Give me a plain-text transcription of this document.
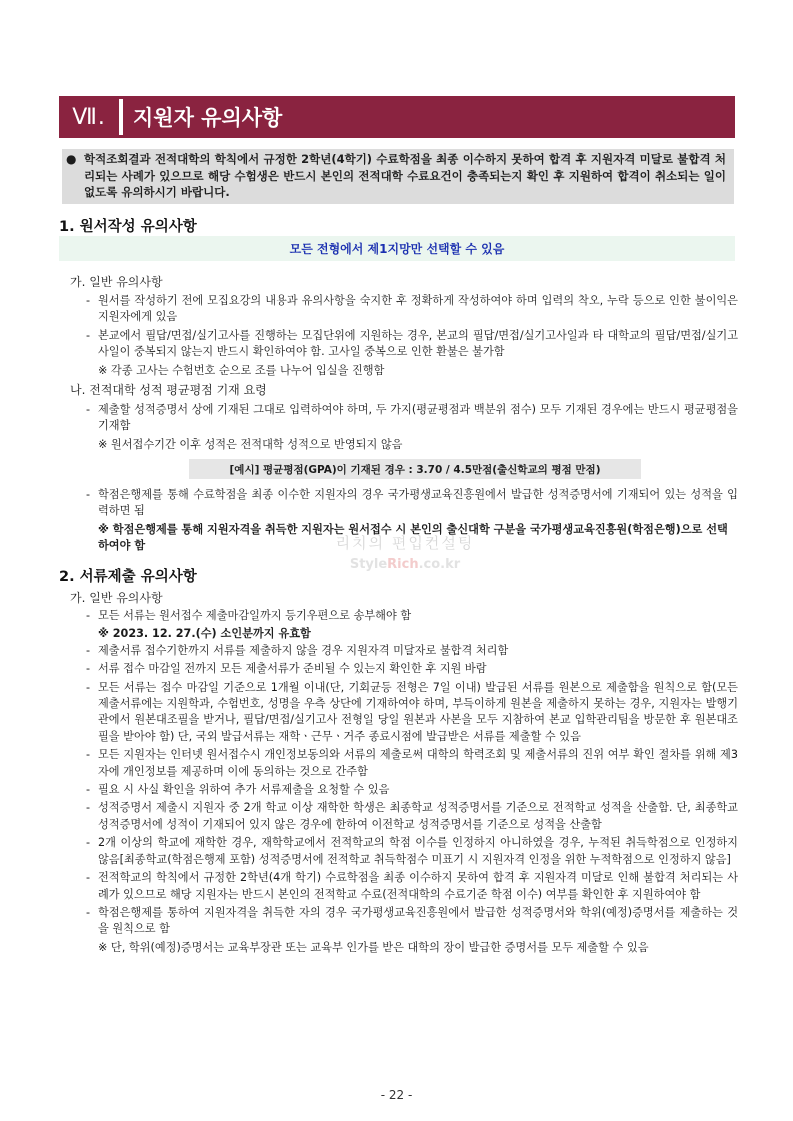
Ⅶ.	지원자 유의사항
● 학적조회결과 전적대학의 학칙에서 규정한 2학년(4학기) 수료학점을 최종 이수하지 못하여 합격 후 지원자격 미달로 불합격 처리되는 사례가 있으므로 해당 수험생은 반드시 본인의 전적대학 수료요건이 충족되는지 확인 후 지원하여 합격이 취소되는 일이 없도록 유의하시기 바랍니다.
1. 원서작성 유의사항
모든 전형에서 제1지망만 선택할 수 있음
가. 일반 유의사항
- 원서를 작성하기 전에 모집요강의 내용과 유의사항을 숙지한 후 정확하게 작성하여야 하며 입력의 착오, 누락 등으로 인한 불이익은 지원자에게 있음
- 본교에서 필답/면접/실기고사를 진행하는 모집단위에 지원하는 경우, 본교의 필답/면접/실기고사일과 타 대학교의 필답/면접/실기고사일이 중복되지 않는지 반드시 확인하여야 함. 고사일 중복으로 인한 환불은 불가함
※ 각종 고사는 수험번호 순으로 조를 나누어 입실을 진행함
나. 전적대학 성적 평균평점 기재 요령
- 제출할 성적증명서 상에 기재된 그대로 입력하여야 하며, 두 가지(평균평점과 백분위 점수) 모두 기재된 경우에는 반드시 평균평점을 기재함
※ 원서접수기간 이후 성적은 전적대학 성적으로 반영되지 않음
[예시] 평균평점(GPA)이 기재된 경우 : 3.70 / 4.5만점(출신학교의 평점 만점)
- 학점은행제를 통해 수료학점을 최종 이수한 지원자의 경우 국가평생교육진흥원에서 발급한 성적증명서에 기재되어 있는 성적을 입력하면 됨
※ 학점은행제를 통해 지원자격을 취득한 지원자는 원서접수 시 본인의 출신대학 구분을 국가평생교육진흥원(학점은행)으로 선택하여야 함	리치의 편입컨설팅
StyleRich.co.kr
2. 서류제출 유의사항
가. 일반 유의사항
- 모든 서류는 원서접수 제출마감일까지 등기우편으로 송부해야 함
※ 2023. 12. 27.(수) 소인분까지 유효함
- 제출서류 접수기한까지 서류를 제출하지 않을 경우 지원자격 미달자로 불합격 처리함
- 서류 접수 마감일 전까지 모든 제출서류가 준비될 수 있는지 확인한 후 지원 바람
- 모든 서류는 접수 마감일 기준으로 1개월 이내(단, 기회균등 전형은 7일 이내) 발급된 서류를 원본으로 제출함을 원칙으로 함(모든 제출서류에는 지원학과, 수험번호, 성명을 우측 상단에 기재하여야 하며, 부득이하게 원본을 제출하지 못하는 경우, 지원자는 발행기관에서 원본대조필을 받거나, 필답/면접/실기고사 전형일 당일 원본과 사본을 모두 지참하여 본교 입학관리팀을 방문한 후 원본대조필을 받아야 함) 단, 국외 발급서류는 재학ㆍ근무ㆍ거주 종료시점에 발급받은 서류를 제출할 수 있음
- 모든 지원자는 인터넷 원서접수시 개인정보동의와 서류의 제출로써 대학의 학력조회 및 제출서류의 진위 여부 확인 절차를 위해 제3자에 개인정보를 제공하며 이에 동의하는 것으로 간주함
- 필요 시 사실 확인을 위하여 추가 서류제출을 요청할 수 있음
- 성적증명서 제출시 지원자 중 2개 학교 이상 재학한 학생은 최종학교 성적증명서를 기준으로 전적학교 성적을 산출함. 단, 최종학교 성적증명서에 성적이 기재되어 있지 않은 경우에 한하여 이전학교 성적증명서를 기준으로 성적을 산출함
- 2개 이상의 학교에 재학한 경우, 재학학교에서 전적학교의 학점 이수를 인정하지 아니하였을 경우, 누적된 취득학점으로 인정하지 않음[최종학교(학점은행제 포함) 성적증명서에 전적학교 취득학점수 미표기 시 지원자격 인정을 위한 누적학점으로 인정하지 않음]
- 전적학교의 학칙에서 규정한 2학년(4개 학기) 수료학점을 최종 이수하지 못하여 합격 후 지원자격 미달로 인해 불합격 처리되는 사례가 있으므로 해당 지원자는 반드시 본인의 전적학교 수료(전적대학의 수료기준 학점 이수) 여부를 확인한 후 지원하여야 함
- 학점은행제를 통하여 지원자격을 취득한 자의 경우 국가평생교육진흥원에서 발급한 성적증명서와 학위(예정)증명서를 제출하는 것을 원칙으로 함
※ 단, 학위(예정)증명서는 교육부장관 또는 교육부 인가를 받은 대학의 장이 발급한 증명서를 모두 제출할 수 있음
- 22 -
